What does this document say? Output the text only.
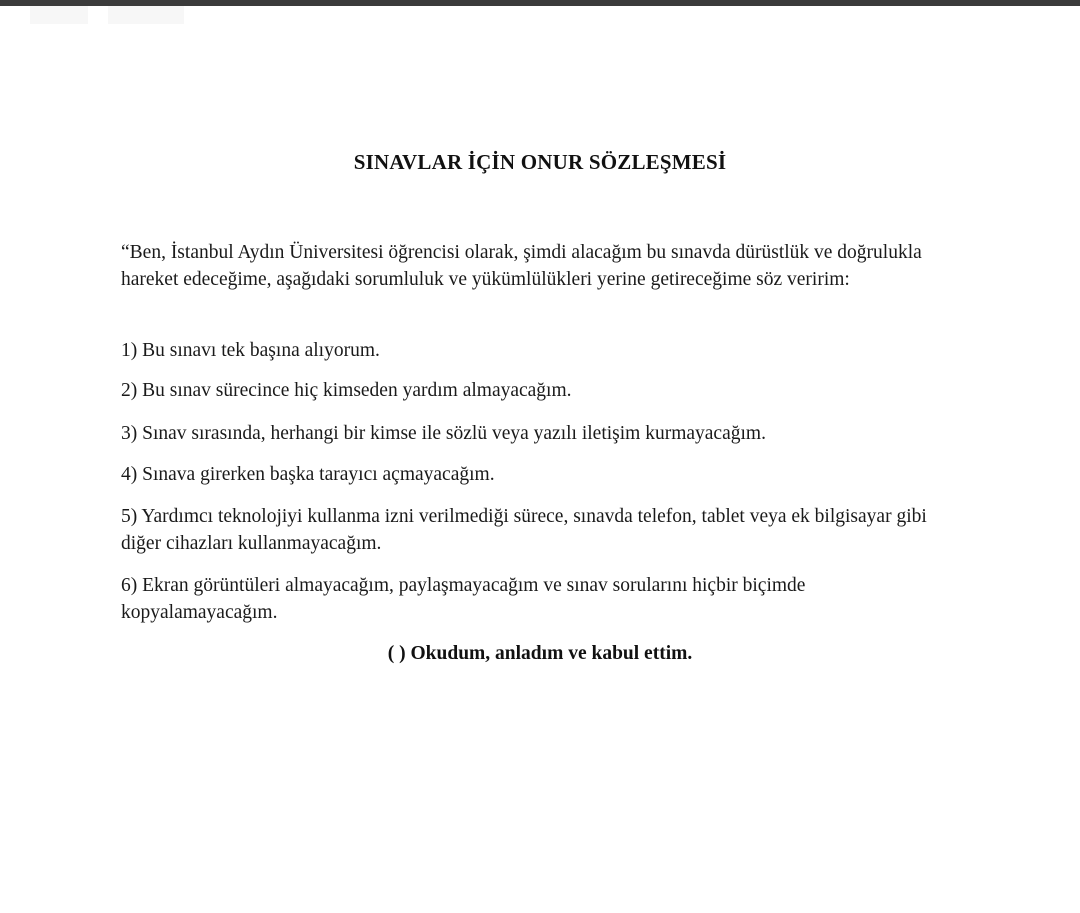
SINAVLAR İÇİN ONUR SÖZLEŞMESİ

“Ben, İstanbul Aydın Üniversitesi öğrencisi olarak, şimdi alacağım bu sınavda dürüstlük ve doğrulukla hareket edeceğime, aşağıdaki sorumluluk ve yükümlülükleri yerine getireceğime söz veririm:

1) Bu sınavı tek başına alıyorum.

2) Bu sınav sürecince hiç kimseden yardım almayacağım.

3) Sınav sırasında, herhangi bir kimse ile sözlü veya yazılı iletişim kurmayacağım.

4) Sınava girerken başka tarayıcı açmayacağım.

5) Yardımcı teknolojiyi kullanma izni verilmediği sürece, sınavda telefon, tablet veya ek bilgisayar gibi diğer cihazları kullanmayacağım.

6) Ekran görüntüleri almayacağım, paylaşmayacağım ve sınav sorularını hiçbir biçimde kopyalamayacağım.

( ) Okudum, anladım ve kabul ettim.
